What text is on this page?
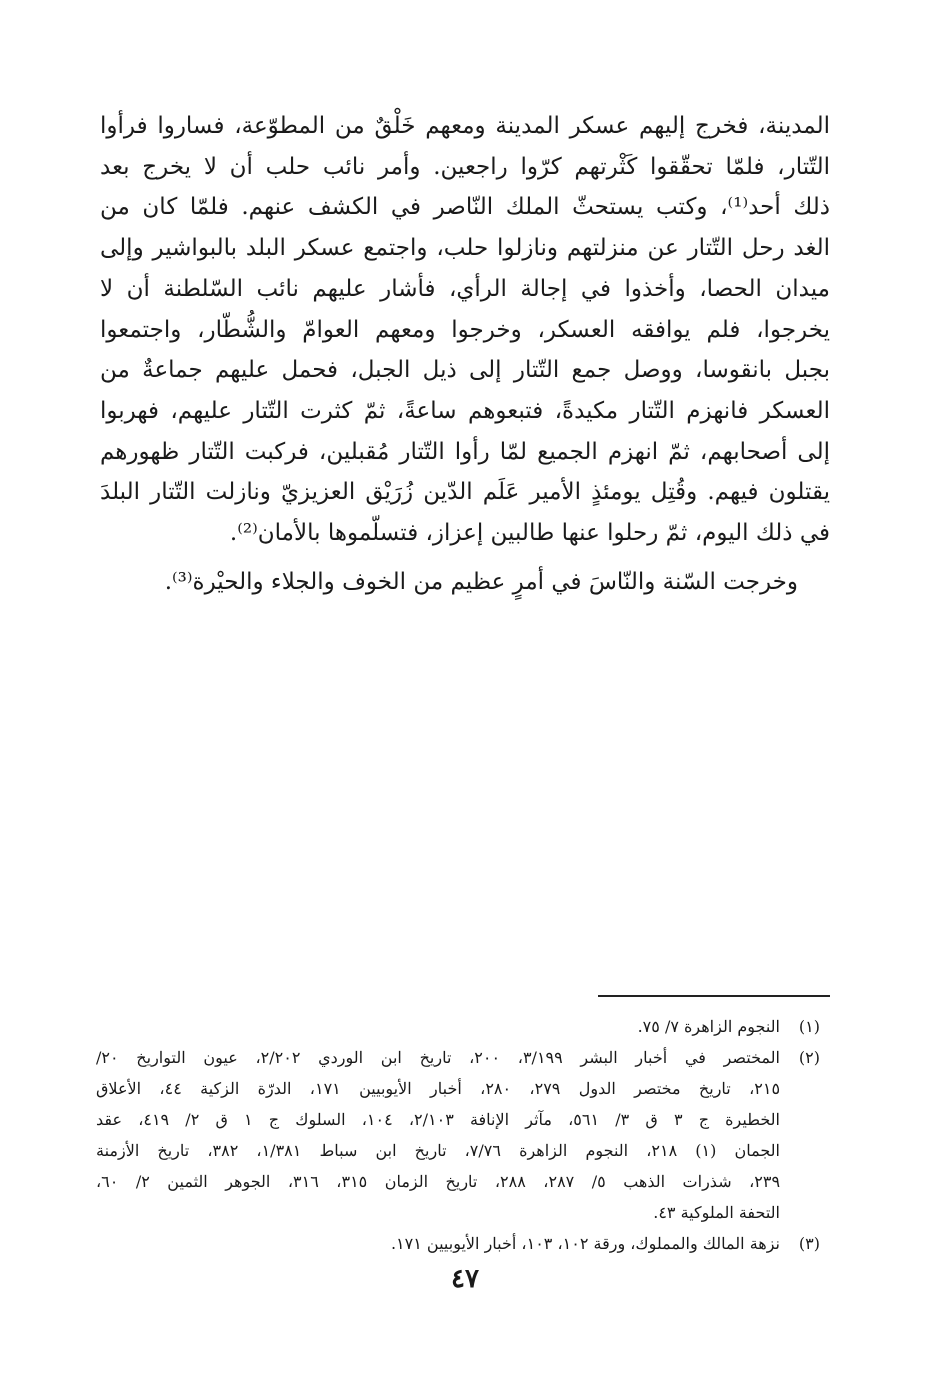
المدينة، فخرج إليهم عسكر المدينة ومعهم خَلْقٌ من المطوّعة، فساروا فرأوا
التّتار، فلمّا تحقّقوا كَثْرتهم كرّوا راجعين. وأمر نائب حلب أن لا يخرج بعد
ذلك أحد⁽¹⁾، وكتب يستحثّ الملك النّاصر في الكشف عنهم. فلمّا كان من
الغد رحل التّتار عن منزلتهم ونازلوا حلب، واجتمع عسكر البلد بالبواشير وإلى
ميدان الحصا، وأخذوا في إجالة الرأي، فأشار عليهم نائب السّلطنة أن لا
يخرجوا، فلم يوافقه العسكر، وخرجوا ومعهم العوامّ والشُّطّار، واجتمعوا
بجبل بانقوسا، ووصل جمع التّتار إلى ذيل الجبل، فحمل عليهم جماعةٌ من
العسكر فانهزم التّتار مكيدةً، فتبعوهم ساعةً، ثمّ كثرت التّتار عليهم، فهربوا
إلى أصحابهم، ثمّ انهزم الجميع لمّا رأوا التّتار مُقبلين، فركبت التّتار ظهورهم
يقتلون فيهم. وقُتِل يومئذٍ الأمير عَلَم الدّين زُرَيْق العزيزيّ ونازلت التّتار البلدَ
في ذلك اليوم، ثمّ رحلوا عنها طالبين إعزاز، فتسلّموها بالأمان⁽²⁾.
وخرجت السّنة والنّاسَ في أمرٍ عظيم من الخوف والجلاء والحيْرة⁽³⁾.
(١)
النجوم الزاهرة ٧/ ٧٥.
(٢)
المختصر في أخبار البشر ٣/١٩٩، ٢٠٠، تاريخ ابن الوردي ٢/٢٠٢، عيون التواريخ ٢٠/
٢١٥، تاريخ مختصر الدول ٢٧٩، ٢٨٠، أخبار الأيوبيين ١٧١، الدرّة الزكية ٤٤، الأعلاق
الخطيرة ج ٣ ق ٣/ ٥٦١، مآثر الإنافة ٢/١٠٣، ١٠٤، السلوك ج ١ ق ٢/ ٤١٩، عقد
الجمان (١) ٢١٨، النجوم الزاهرة ٧/٧٦، تاريخ ابن سباط ١/٣٨١، ٣٨٢، تاريخ الأزمنة
٢٣٩، شذرات الذهب ٥/ ٢٨٧، ٢٨٨، تاريخ الزمان ٣١٥، ٣١٦، الجوهر الثمين ٢/ ٦٠،
التحفة الملوكية ٤٣.
(٣)
نزهة المالك والمملوك، ورقة ١٠٢، ١٠٣، أخبار الأيوبيين ١٧١.
٤٧
